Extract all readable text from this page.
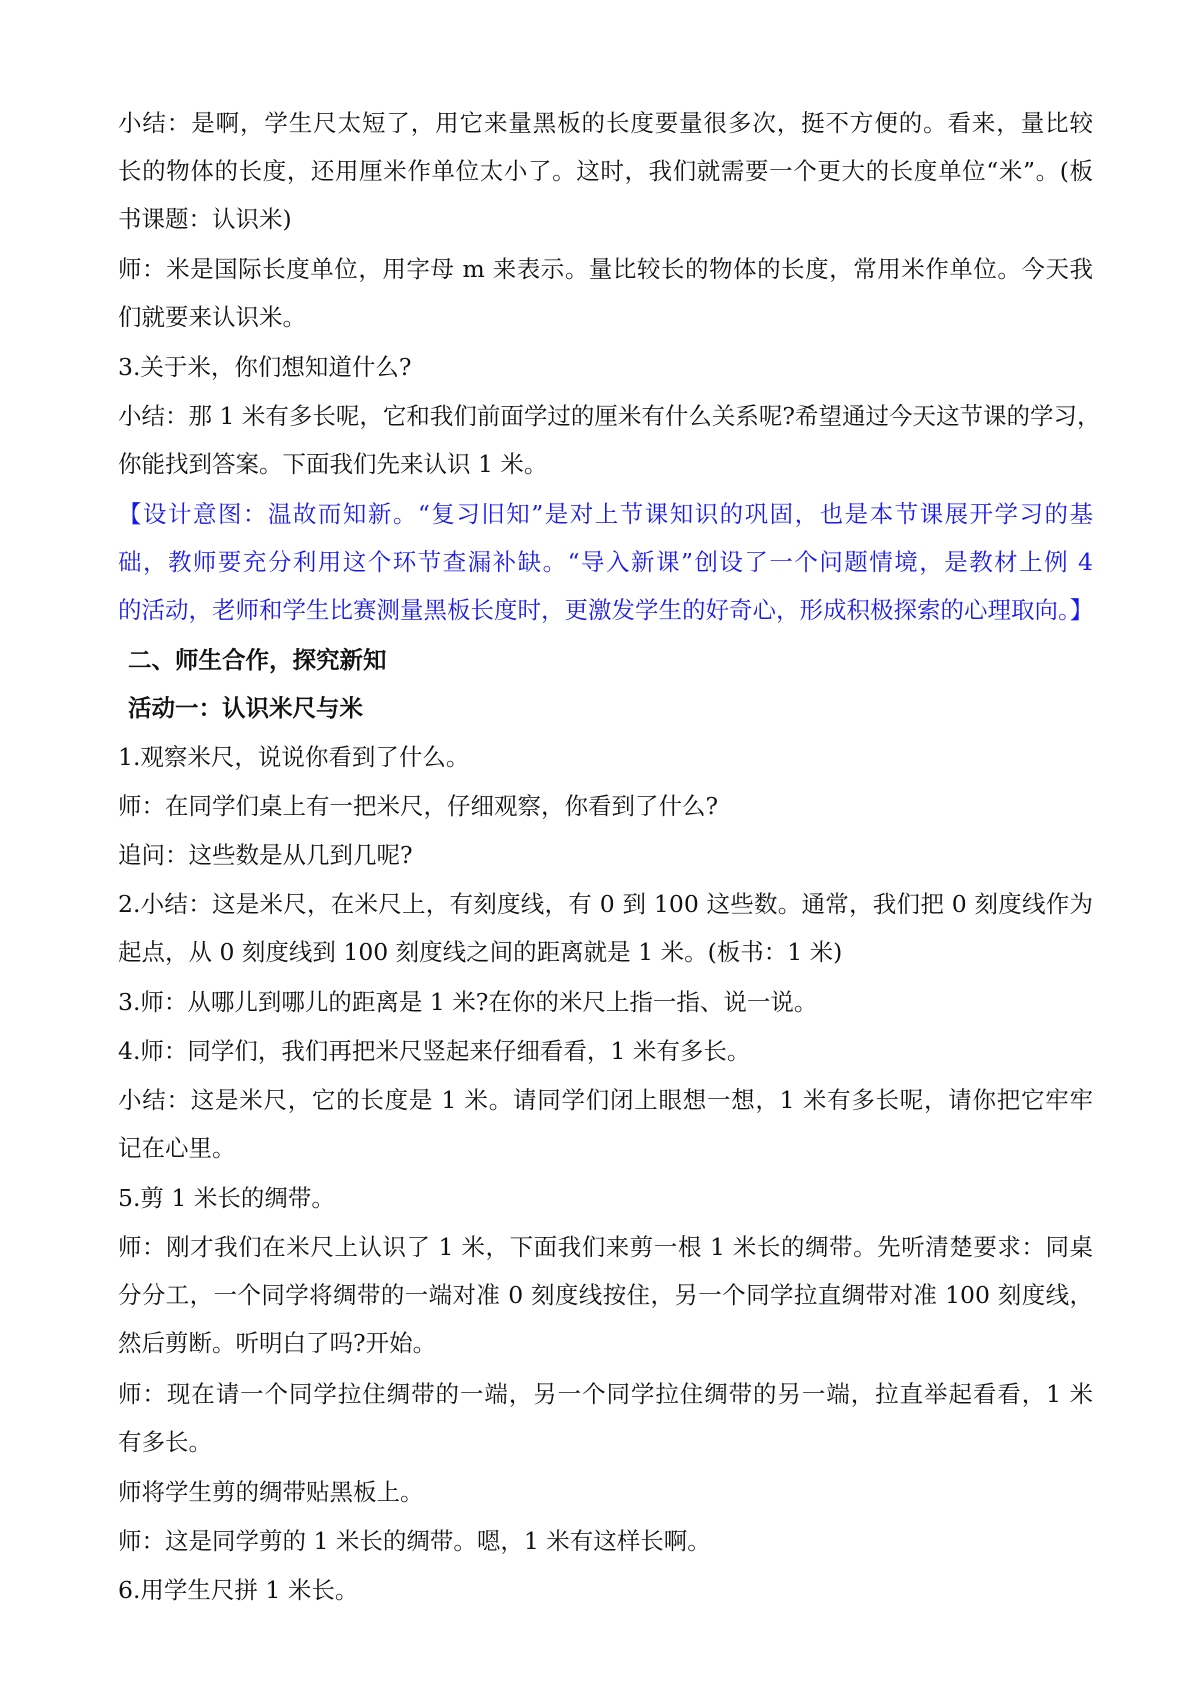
小结：是啊，学生尺太短了，用它来量黑板的长度要量很多次，挺不方便的。看来，量比较
长的物体的长度，还用厘米作单位太小了。这时，我们就需要一个更大的长度单位“米”。(板
书课题：认识米)
师：米是国际长度单位，用字母 m 来表示。量比较长的物体的长度，常用米作单位。今天我
们就要来认识米。
3.关于米，你们想知道什么?
小结：那 1 米有多长呢，它和我们前面学过的厘米有什么关系呢?希望通过今天这节课的学习，
你能找到答案。下面我们先来认识 1 米。
【设计意图：温故而知新。“复习旧知”是对上节课知识的巩固，也是本节课展开学习的基
础，教师要充分利用这个环节查漏补缺。“导入新课”创设了一个问题情境，是教材上例 4
的活动，老师和学生比赛测量黑板长度时，更激发学生的好奇心，形成积极探索的心理取向。】
二、师生合作，探究新知
活动一：认识米尺与米
1.观察米尺，说说你看到了什么。
师：在同学们桌上有一把米尺，仔细观察，你看到了什么?
追问：这些数是从几到几呢?
2.小结：这是米尺，在米尺上，有刻度线，有 0 到 100 这些数。通常，我们把 0 刻度线作为
起点，从 0 刻度线到 100 刻度线之间的距离就是 1 米。(板书：1 米)
3.师：从哪儿到哪儿的距离是 1 米?在你的米尺上指一指、说一说。
4.师：同学们，我们再把米尺竖起来仔细看看，1 米有多长。
小结：这是米尺，它的长度是 1 米。请同学们闭上眼想一想，1 米有多长呢，请你把它牢牢
记在心里。
5.剪 1 米长的绸带。
师：刚才我们在米尺上认识了 1 米，下面我们来剪一根 1 米长的绸带。先听清楚要求：同桌
分分工，一个同学将绸带的一端对准 0 刻度线按住，另一个同学拉直绸带对准 100 刻度线，
然后剪断。听明白了吗?开始。
师：现在请一个同学拉住绸带的一端，另一个同学拉住绸带的另一端，拉直举起看看，1 米
有多长。
师将学生剪的绸带贴黑板上。
师：这是同学剪的 1 米长的绸带。嗯，1 米有这样长啊。
6.用学生尺拼 1 米长。
